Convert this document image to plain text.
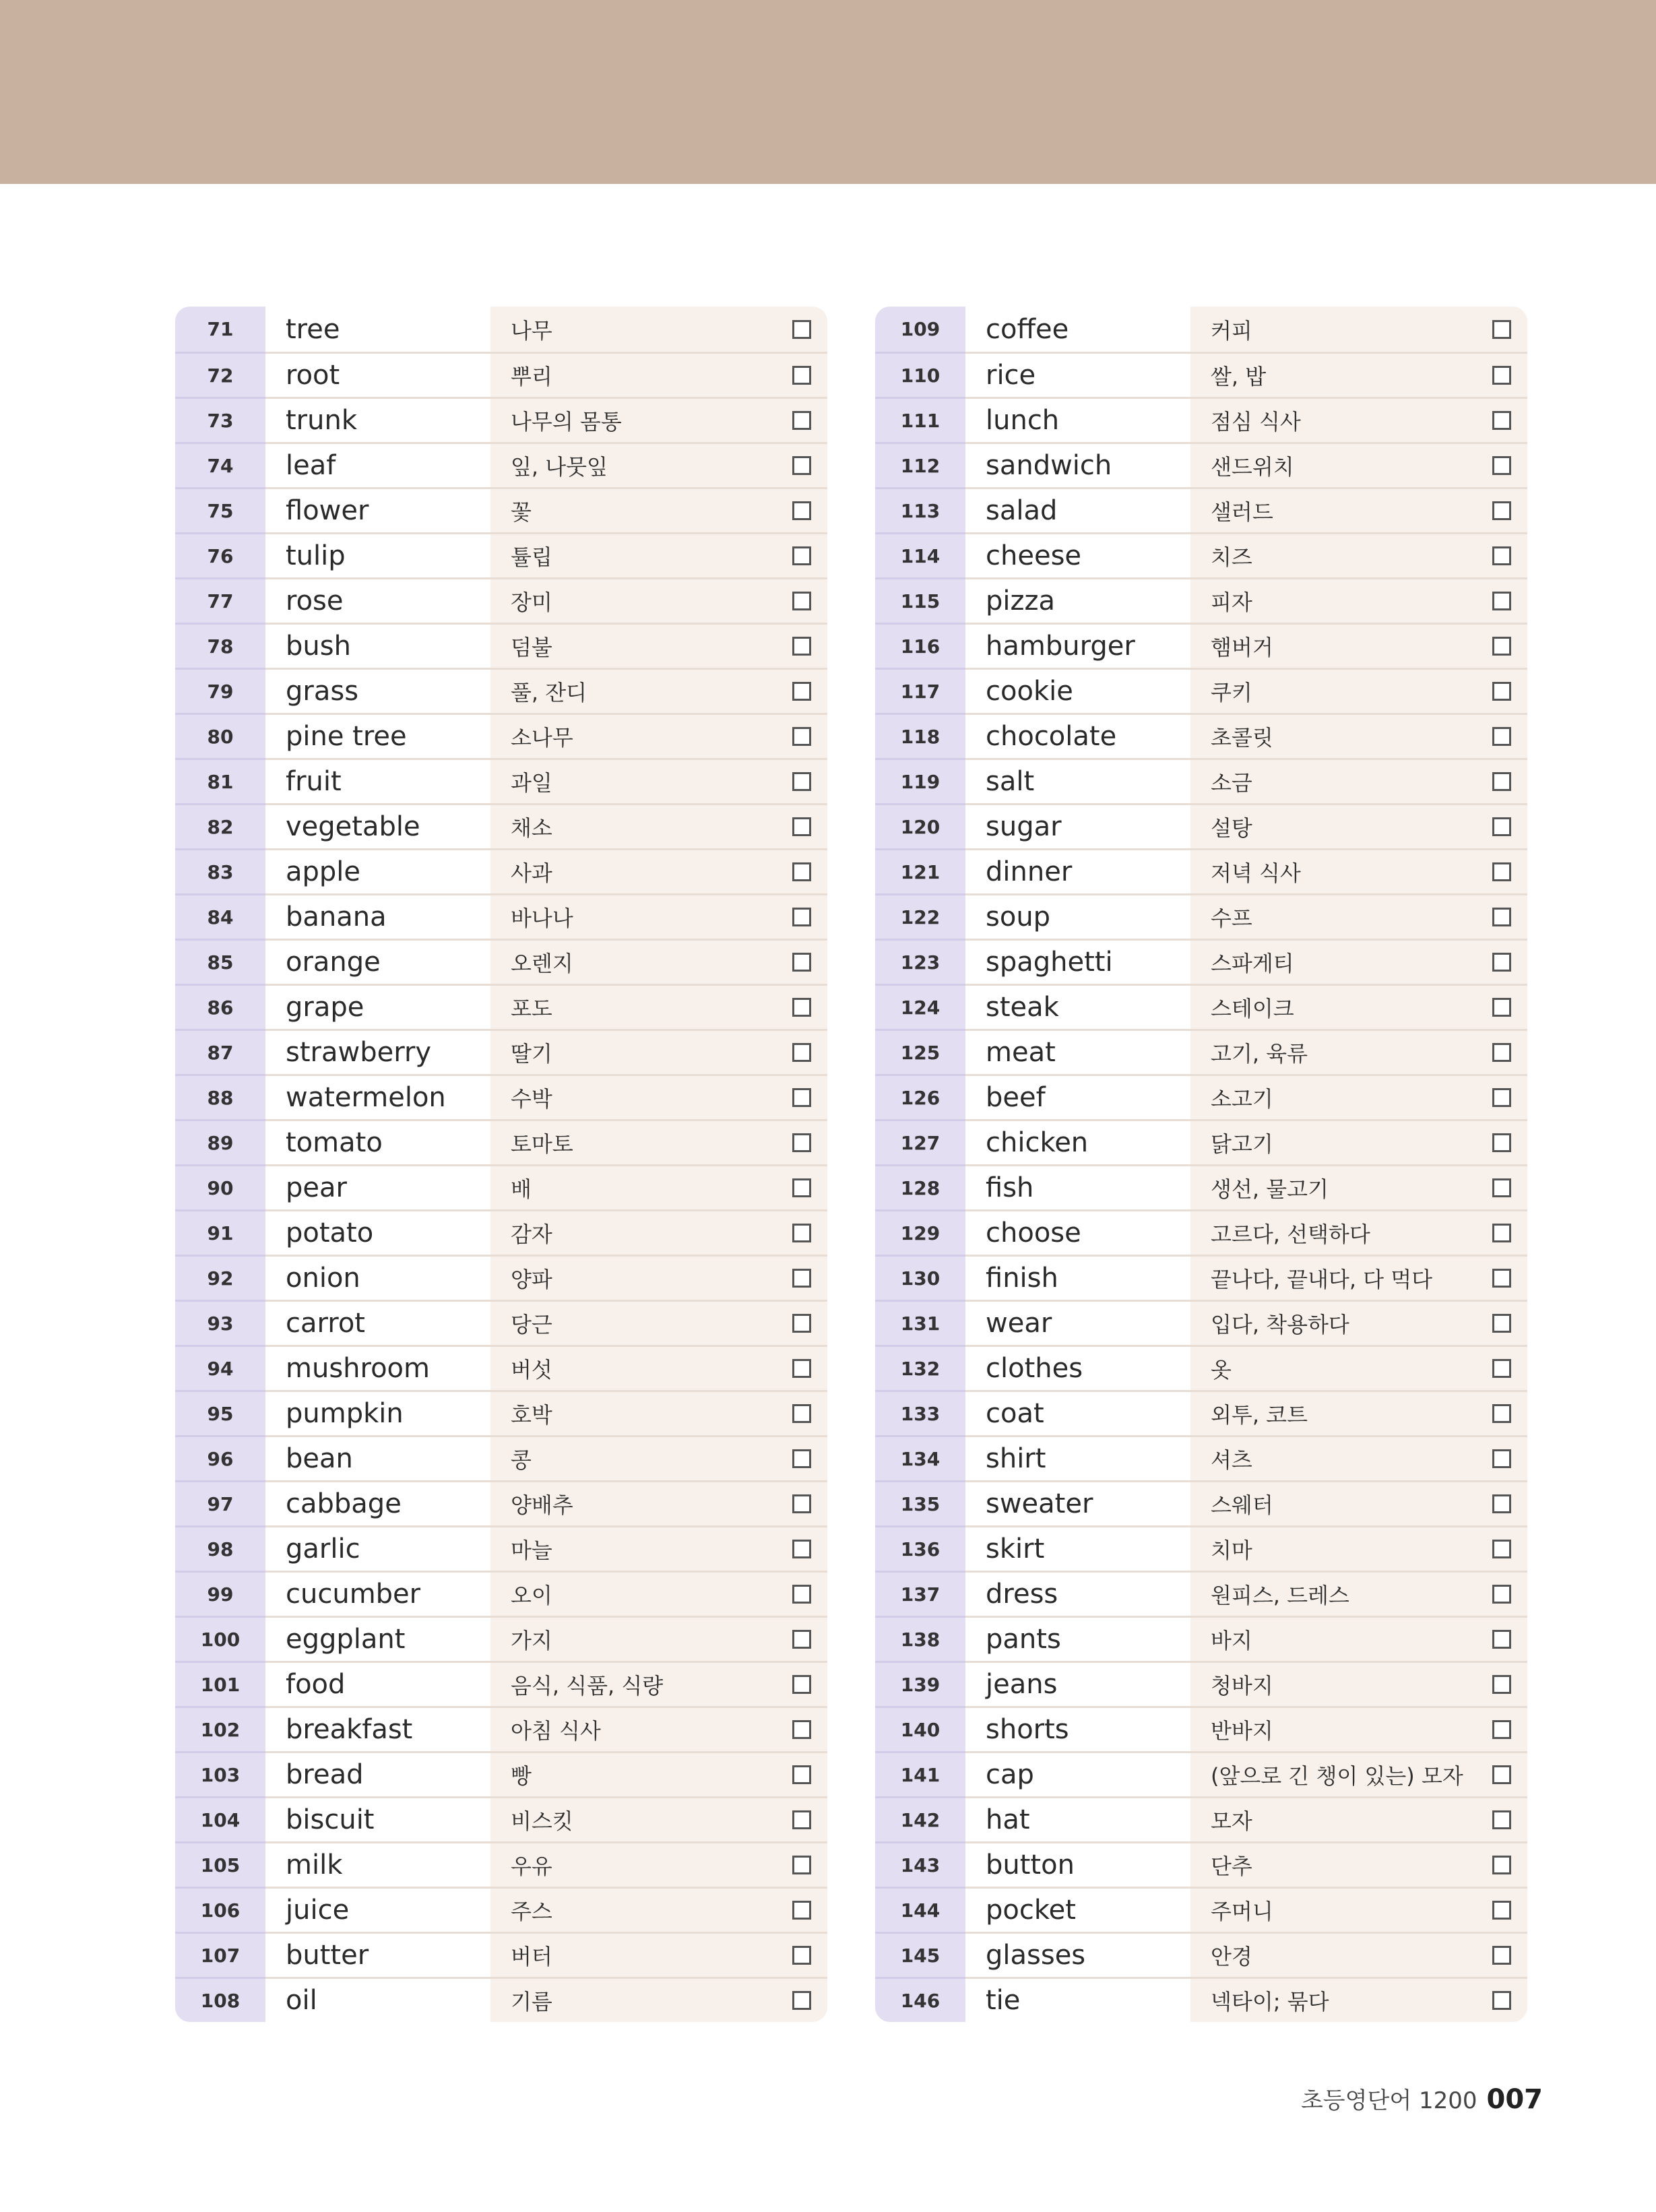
71	tree	나무
72	root	뿌리
73	trunk	나무의 몸통
74	leaf	잎, 나뭇잎
75	flower	꽃
76	tulip	튤립
77	rose	장미
78	bush	덤불
79	grass	풀, 잔디
80	pine tree	소나무
81	fruit	과일
82	vegetable	채소
83	apple	사과
84	banana	바나나
85	orange	오렌지
86	grape	포도
87	strawberry	딸기
88	watermelon	수박
89	tomato	토마토
90	pear	배
91	potato	감자
92	onion	양파
93	carrot	당근
94	mushroom	버섯
95	pumpkin	호박
96	bean	콩
97	cabbage	양배추
98	garlic	마늘
99	cucumber	오이
100	eggplant	가지
101	food	음식, 식품, 식량
102	breakfast	아침 식사
103	bread	빵
104	biscuit	비스킷
105	milk	우유
106	juice	주스
107	butter	버터
108	oil	기름
109	coffee	커피
110	rice	쌀, 밥
111	lunch	점심 식사
112	sandwich	샌드위치
113	salad	샐러드
114	cheese	치즈
115	pizza	피자
116	hamburger	햄버거
117	cookie	쿠키
118	chocolate	초콜릿
119	salt	소금
120	sugar	설탕
121	dinner	저녁 식사
122	soup	수프
123	spaghetti	스파게티
124	steak	스테이크
125	meat	고기, 육류
126	beef	소고기
127	chicken	닭고기
128	fish	생선, 물고기
129	choose	고르다, 선택하다
130	finish	끝나다, 끝내다, 다 먹다
131	wear	입다, 착용하다
132	clothes	옷
133	coat	외투, 코트
134	shirt	셔츠
135	sweater	스웨터
136	skirt	치마
137	dress	원피스, 드레스
138	pants	바지
139	jeans	청바지
140	shorts	반바지
141	cap	(앞으로 긴 챙이 있는) 모자
142	hat	모자
143	button	단추
144	pocket	주머니
145	glasses	안경
146	tie	넥타이; 묶다
초등영단어 1200 007
